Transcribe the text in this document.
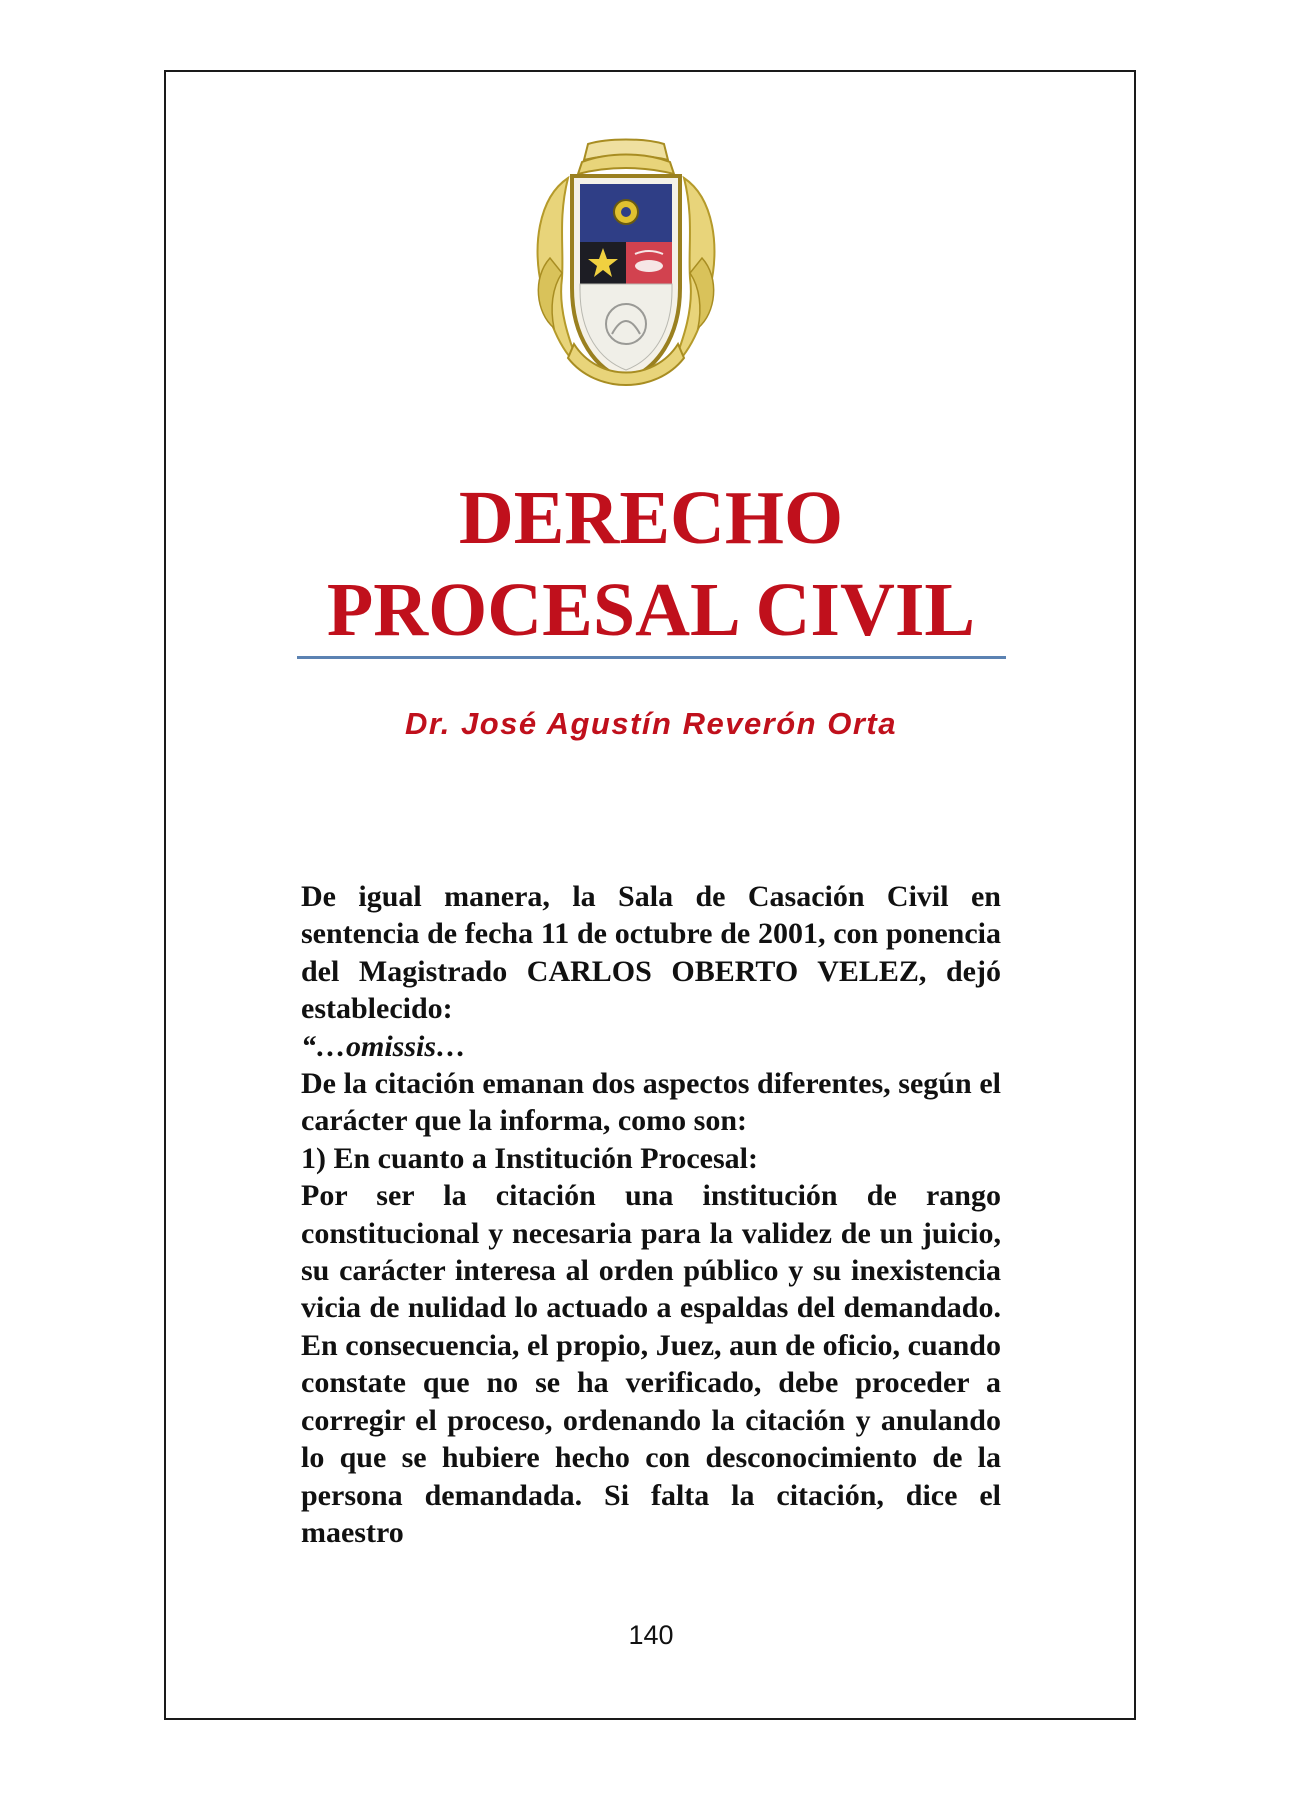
DERECHO
PROCESAL CIVIL
Dr. José Agustín Reverón Orta

De igual manera, la Sala de Casación Civil en sentencia de fecha 11 de octubre de 2001, con ponencia del Magistrado CARLOS OBERTO VELEZ, dejó establecido:

“…omissis…

De la citación emanan dos aspectos diferentes, según el carácter que la informa, como son:

1) En cuanto a Institución Procesal:

Por ser la citación una institución de rango constitucional y necesaria para la validez de un juicio, su carácter interesa al orden público y su inexistencia vicia de nulidad lo actuado a espaldas del demandado. En consecuencia, el propio, Juez, aun de oficio, cuando constate que no se ha verificado, debe proceder a corregir el proceso, ordenando la citación y anulando lo que se hubiere hecho con desconocimiento de la persona demandada. Si falta la citación, dice el maestro

140
